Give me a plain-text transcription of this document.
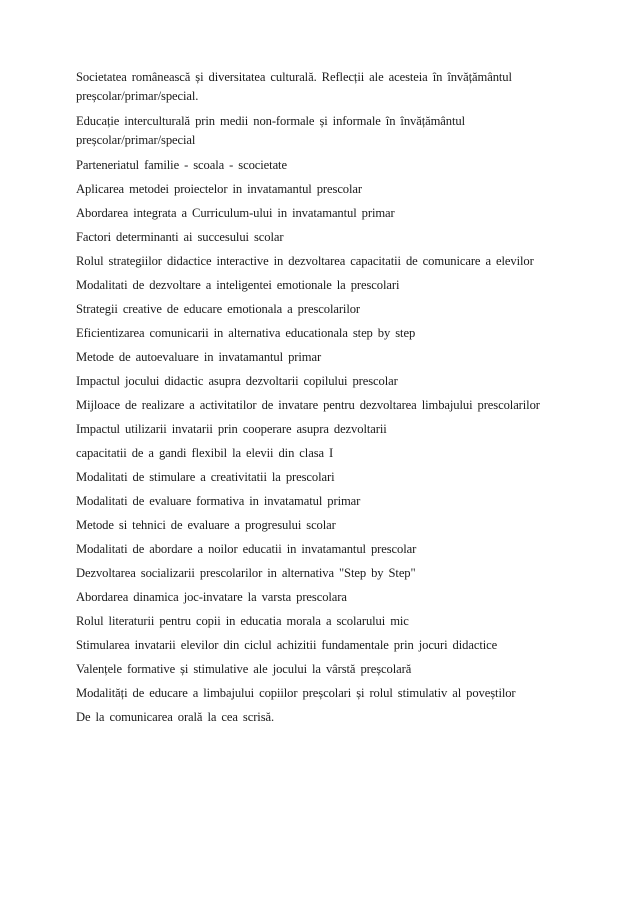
Societatea românească și diversitatea culturală. Reflecții ale acesteia în învățământul preșcolar/primar/special.

Educație interculturală prin medii non-formale și informale în învățământul preșcolar/primar/special

Parteneriatul familie - scoala - scocietate

Aplicarea metodei proiectelor in invatamantul prescolar

Abordarea integrata a Curriculum-ului in invatamantul primar

Factori determinanti ai succesului scolar

Rolul strategiilor didactice interactive in dezvoltarea capacitatii de comunicare a elevilor

Modalitati de dezvoltare a inteligentei emotionale la prescolari

Strategii creative de educare emotionala a prescolarilor

Eficientizarea comunicarii in alternativa educationala step by step

Metode de autoevaluare in invatamantul primar

Impactul jocului didactic asupra dezvoltarii copilului prescolar

Mijloace de realizare a activitatilor de invatare pentru dezvoltarea limbajului prescolarilor

Impactul utilizarii invatarii prin cooperare asupra dezvoltarii

capacitatii de a gandi flexibil la elevii din clasa I

Modalitati de stimulare a creativitatii la prescolari

Modalitati de evaluare formativa in invatamatul primar

Metode si tehnici de evaluare a progresului scolar

Modalitati de abordare a noilor educatii in invatamantul prescolar

Dezvoltarea socializarii prescolarilor in alternativa "Step by Step"

Abordarea dinamica joc-invatare la varsta prescolara

Rolul literaturii pentru copii in educatia morala a scolarului mic

Stimularea invatarii elevilor din ciclul achizitii fundamentale prin jocuri didactice

Valențele formative și stimulative ale jocului la vârstă preșcolară

Modalități de educare a limbajului copiilor preșcolari și rolul stimulativ al poveștilor

De la comunicarea orală la cea scrisă.
